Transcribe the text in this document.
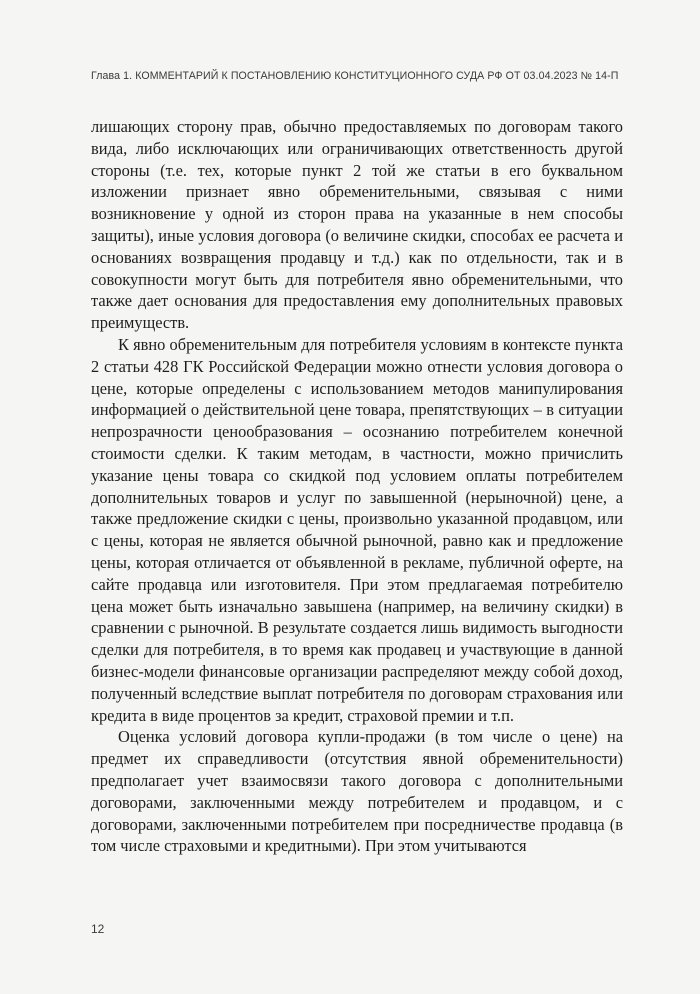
Глава 1. КОММЕНТАРИЙ К ПОСТАНОВЛЕНИЮ КОНСТИТУЦИОННОГО СУДА РФ ОТ 03.04.2023 № 14-П

лишающих сторону прав, обычно предоставляемых по договорам такого вида, либо исключающих или ограничивающих ответственность другой стороны (т.е. тех, которые пункт 2 той же статьи в его буквальном изложении признает явно обременительными, связывая с ними возникновение у одной из сторон права на указанные в нем способы защиты), иные условия договора (о величине скидки, способах ее расчета и основаниях возвращения продавцу и т.д.) как по отдельности, так и в совокупности могут быть для потребителя явно обременительными, что также дает основания для предоставления ему дополнительных правовых преимуществ.

К явно обременительным для потребителя условиям в контексте пункта 2 статьи 428 ГК Российской Федерации можно отнести условия договора о цене, которые определены с использованием методов манипулирования информацией о действительной цене товара, препятствующих – в ситуации непрозрачности ценообразования – осознанию потребителем конечной стоимости сделки. К таким методам, в частности, можно причислить указание цены товара со скидкой под условием оплаты потребителем дополнительных товаров и услуг по завышенной (нерыночной) цене, а также предложение скидки с цены, произвольно указанной продавцом, или с цены, которая не является обычной рыночной, равно как и предложение цены, которая отличается от объявленной в рекламе, публичной оферте, на сайте продавца или изготовителя. При этом предлагаемая потребителю цена может быть изначально завышена (например, на величину скидки) в сравнении с рыночной. В результате создается лишь видимость выгодности сделки для потребителя, в то время как продавец и участвующие в данной бизнес-модели финансовые организации распределяют между собой доход, полученный вследствие выплат потребителя по договорам страхования или кредита в виде процентов за кредит, страховой премии и т.п.

Оценка условий договора купли-продажи (в том числе о цене) на предмет их справедливости (отсутствия явной обременительности) предполагает учет взаимосвязи такого договора с дополнительными договорами, заключенными между потребителем и продавцом, и с договорами, заключенными потребителем при посредничестве продавца (в том числе страховыми и кредитными). При этом учитываются

12
